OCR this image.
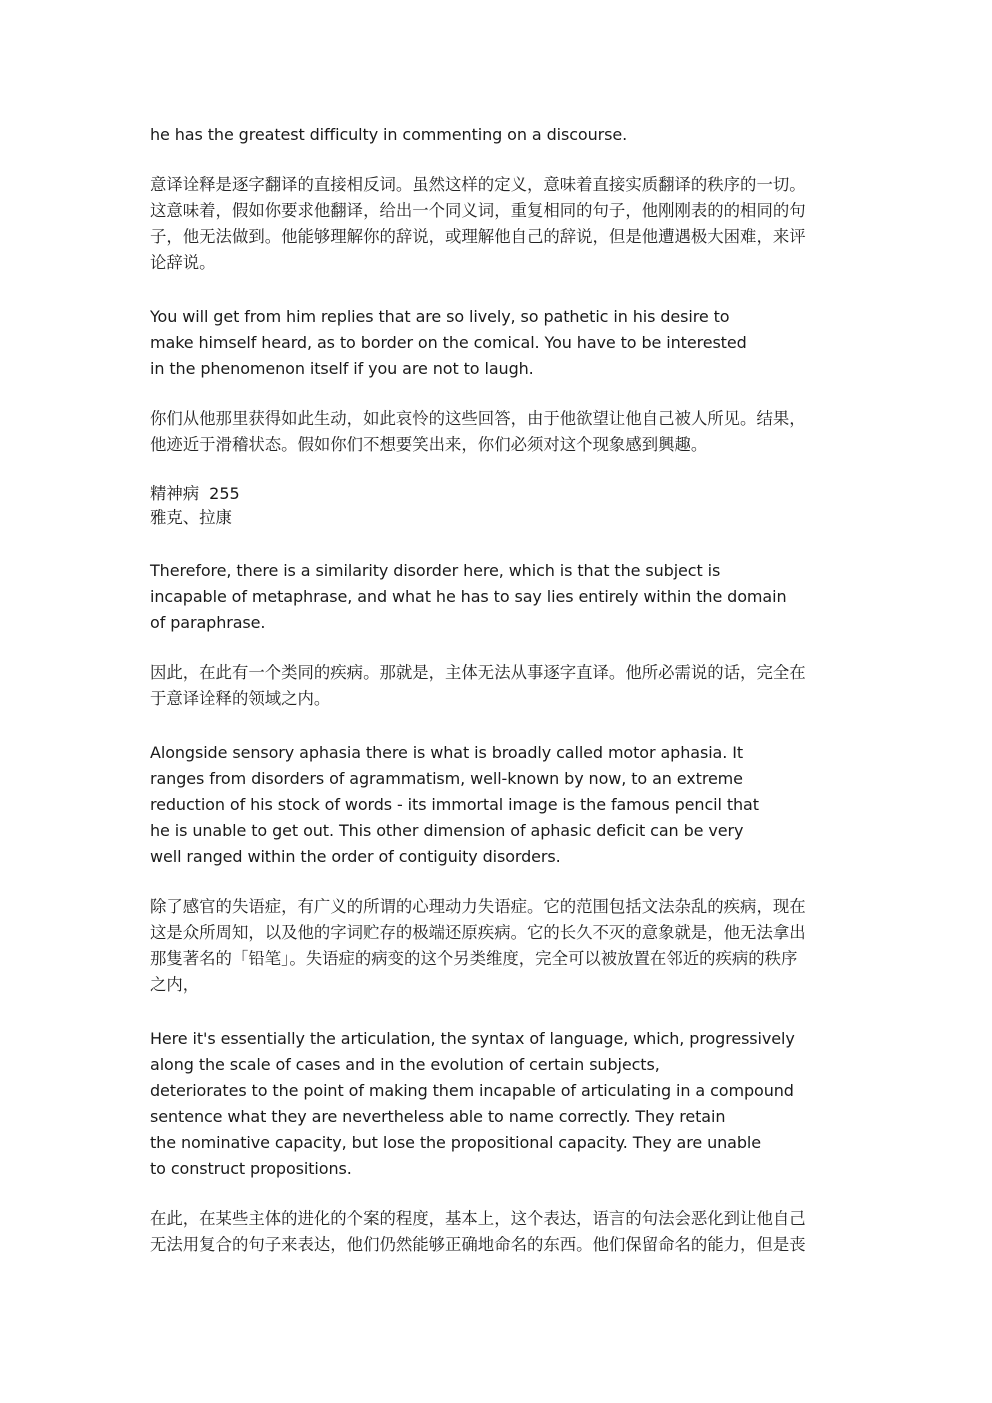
he has the greatest difficulty in commenting on a discourse.

意译诠释是逐字翻译的直接相反词。虽然这样的定义，意味着直接实质翻译的秩序的一切。
这意味着，假如你要求他翻译，给出一个同义词，重复相同的句子，他刚刚表的的相同的句
子，他无法做到。他能够理解你的辞说，或理解他自己的辞说，但是他遭遇极大困难，来评
论辞说。

You will get from him replies that are so lively, so pathetic in his desire to
make himself heard, as to border on the comical. You have to be interested
in the phenomenon itself if you are not to laugh.

你们从他那里获得如此生动，如此哀怜的这些回答，由于他欲望让他自己被人所见。结果，
他迹近于滑稽状态。假如你们不想要笑出来，你们必须对这个现象感到興趣。

精神病 255
雅克、拉康

Therefore, there is a similarity disorder here, which is that the subject is
incapable of metaphrase, and what he has to say lies entirely within the domain
of paraphrase.

因此，在此有一个类同的疾病。那就是，主体无法从事逐字直译。他所必需说的话，完全在
于意译诠释的领域之内。

Alongside sensory aphasia there is what is broadly called motor aphasia. It
ranges from disorders of agrammatism, well-known by now, to an extreme
reduction of his stock of words - its immortal image is the famous pencil that
he is unable to get out. This other dimension of aphasic deficit can be very
well ranged within the order of contiguity disorders.

除了感官的失语症，有广义的所谓的心理动力失语症。它的范围包括文法杂乱的疾病，现在
这是众所周知，以及他的字词贮存的极端还原疾病。它的长久不灭的意象就是，他无法拿出
那隻著名的「铅笔」。失语症的病变的这个另类维度，完全可以被放置在邻近的疾病的秩序
之内，

Here it's essentially the articulation, the syntax of language, which, progressively
along the scale of cases and in the evolution of certain subjects,
deteriorates to the point of making them incapable of articulating in a compound
sentence what they are nevertheless able to name correctly. They retain
the nominative capacity, but lose the propositional capacity. They are unable
to construct propositions.

在此，在某些主体的进化的个案的程度，基本上，这个表达，语言的句法会恶化到让他自己
无法用复合的句子来表达，他们仍然能够正确地命名的东西。他们保留命名的能力，但是丧
